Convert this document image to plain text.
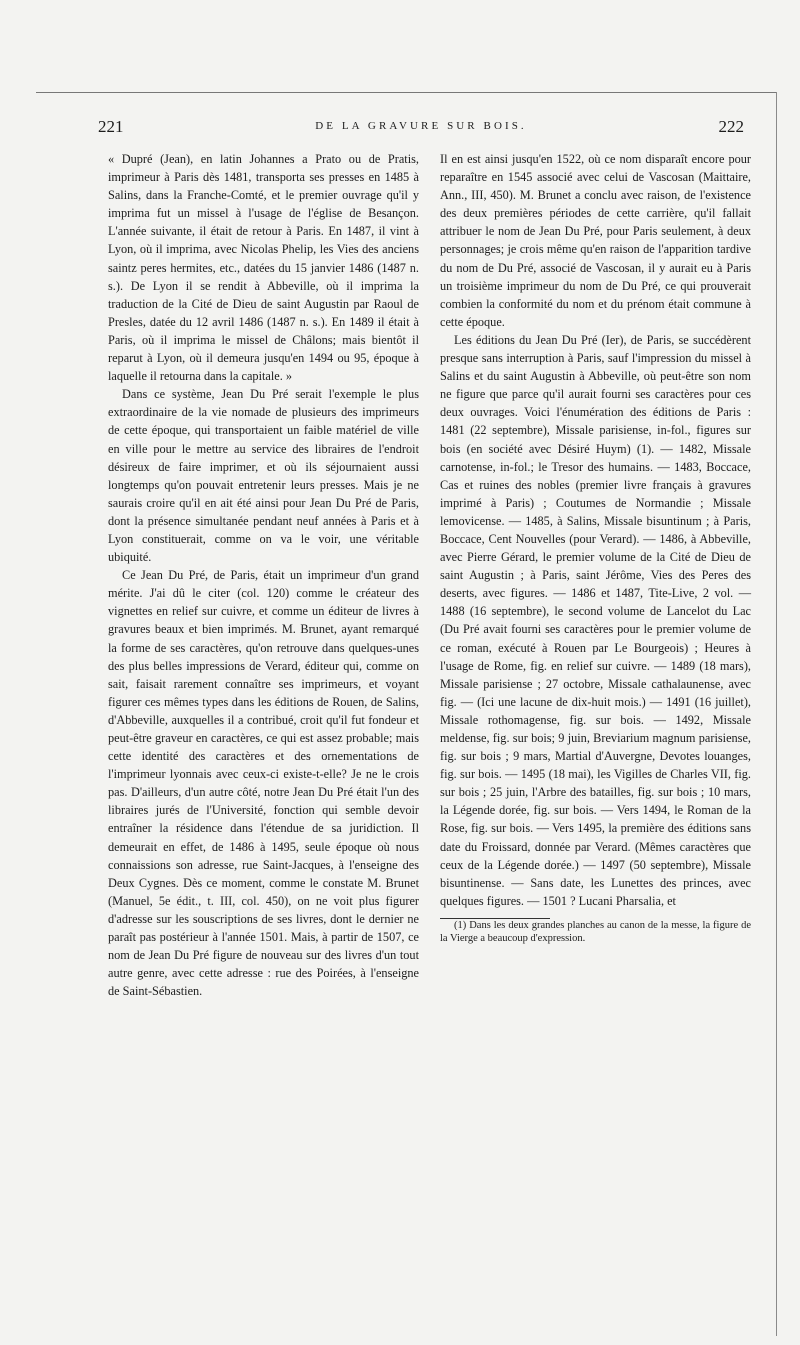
221	DE LA GRAVURE SUR BOIS.	222

« Dupré (Jean), en latin Johannes a Prato ou de Pratis, imprimeur à Paris dès 1481, transporta ses presses en 1485 à Salins, dans la Franche-Comté, et le premier ouvrage qu'il y imprima fut un missel à l'usage de l'église de Besançon. L'année suivante, il était de retour à Paris. En 1487, il vint à Lyon, où il imprima, avec Nicolas Phelip, les Vies des anciens saintz peres hermites, etc., datées du 15 janvier 1486 (1487 n. s.). De Lyon il se rendit à Abbeville, où il imprima la traduction de la Cité de Dieu de saint Augustin par Raoul de Presles, datée du 12 avril 1486 (1487 n. s.). En 1489 il était à Paris, où il imprima le missel de Châlons; mais bientôt il reparut à Lyon, où il demeura jusqu'en 1494 ou 95, époque à laquelle il retourna dans la capitale. »

Dans ce système, Jean Du Pré serait l'exemple le plus extraordinaire de la vie nomade de plusieurs des imprimeurs de cette époque, qui transportaient un faible matériel de ville en ville pour le mettre au service des libraires de l'endroit désireux de faire imprimer, et où ils séjournaient aussi longtemps qu'on pouvait entretenir leurs presses. Mais je ne saurais croire qu'il en ait été ainsi pour Jean Du Pré de Paris, dont la présence simultanée pendant neuf années à Paris et à Lyon constituerait, comme on va le voir, une véritable ubiquité.

Ce Jean Du Pré, de Paris, était un imprimeur d'un grand mérite. J'ai dû le citer (col. 120) comme le créateur des vignettes en relief sur cuivre, et comme un éditeur de livres à gravures beaux et bien imprimés. M. Brunet, ayant remarqué la forme de ses caractères, qu'on retrouve dans quelques-unes des plus belles impressions de Verard, éditeur qui, comme on sait, faisait rarement connaître ses imprimeurs, et voyant figurer ces mêmes types dans les éditions de Rouen, de Salins, d'Abbeville, auxquelles il a contribué, croit qu'il fut fondeur et peut-être graveur en caractères, ce qui est assez probable; mais cette identité des caractères et des ornementations de l'imprimeur lyonnais avec ceux-ci existe-t-elle? Je ne le crois pas. D'ailleurs, d'un autre côté, notre Jean Du Pré était l'un des libraires jurés de l'Université, fonction qui semble devoir entraîner la résidence dans l'étendue de sa juridiction. Il demeurait en effet, de 1486 à 1495, seule époque où nous connaissions son adresse, rue Saint-Jacques, à l'enseigne des Deux Cygnes. Dès ce moment, comme le constate M. Brunet (Manuel, 5e édit., t. III, col. 450), on ne voit plus figurer d'adresse sur les souscriptions de ses livres, dont le dernier ne paraît pas postérieur à l'année 1501. Mais, à partir de 1507, ce nom de Jean Du Pré figure de nouveau sur des livres d'un tout autre genre, avec cette adresse : rue des Poirées, à l'enseigne de Saint-Sébastien.

Il en est ainsi jusqu'en 1522, où ce nom disparaît encore pour reparaître en 1545 associé avec celui de Vascosan (Maittaire, Ann., III, 450). M. Brunet a conclu avec raison, de l'existence des deux premières périodes de cette carrière, qu'il fallait attribuer le nom de Jean Du Pré, pour Paris seulement, à deux personnages; je crois même qu'en raison de l'apparition tardive du nom de Du Pré, associé de Vascosan, il y aurait eu à Paris un troisième imprimeur du nom de Du Pré, ce qui prouverait combien la conformité du nom et du prénom était commune à cette époque.

Les éditions du Jean Du Pré (Ier), de Paris, se succédèrent presque sans interruption à Paris, sauf l'impression du missel à Salins et du saint Augustin à Abbeville, où peut-être son nom ne figure que parce qu'il aurait fourni ses caractères pour ces deux ouvrages. Voici l'énumération des éditions de Paris : 1481 (22 septembre), Missale parisiense, in-fol., figures sur bois (en société avec Désiré Huym) (1). — 1482, Missale carnotense, in-fol.; le Tresor des humains. — 1483, Boccace, Cas et ruines des nobles (premier livre français à gravures imprimé à Paris) ; Coutumes de Normandie ; Missale lemovicense. — 1485, à Salins, Missale bisuntinum ; à Paris, Boccace, Cent Nouvelles (pour Verard). — 1486, à Abbeville, avec Pierre Gérard, le premier volume de la Cité de Dieu de saint Augustin ; à Paris, saint Jérôme, Vies des Peres des deserts, avec figures. — 1486 et 1487, Tite-Live, 2 vol. — 1488 (16 septembre), le second volume de Lancelot du Lac (Du Pré avait fourni ses caractères pour le premier volume de ce roman, exécuté à Rouen par Le Bourgeois) ; Heures à l'usage de Rome, fig. en relief sur cuivre. — 1489 (18 mars), Missale parisiense ; 27 octobre, Missale cathalaunense, avec fig. — (Ici une lacune de dix-huit mois.) — 1491 (16 juillet), Missale rothomagense, fig. sur bois. — 1492, Missale meldense, fig. sur bois; 9 juin, Breviarium magnum parisiense, fig. sur bois ; 9 mars, Martial d'Auvergne, Devotes louanges, fig. sur bois. — 1495 (18 mai), les Vigilles de Charles VII, fig. sur bois ; 25 juin, l'Arbre des batailles, fig. sur bois ; 10 mars, la Légende dorée, fig. sur bois. — Vers 1494, le Roman de la Rose, fig. sur bois. — Vers 1495, la première des éditions sans date du Froissard, donnée par Verard. (Mêmes caractères que ceux de la Légende dorée.) — 1497 (50 septembre), Missale bisuntinense. — Sans date, les Lunettes des princes, avec quelques figures. — 1501 ? Lucani Pharsalia, et

(1) Dans les deux grandes planches au canon de la messe, la figure de la Vierge a beaucoup d'expression.
